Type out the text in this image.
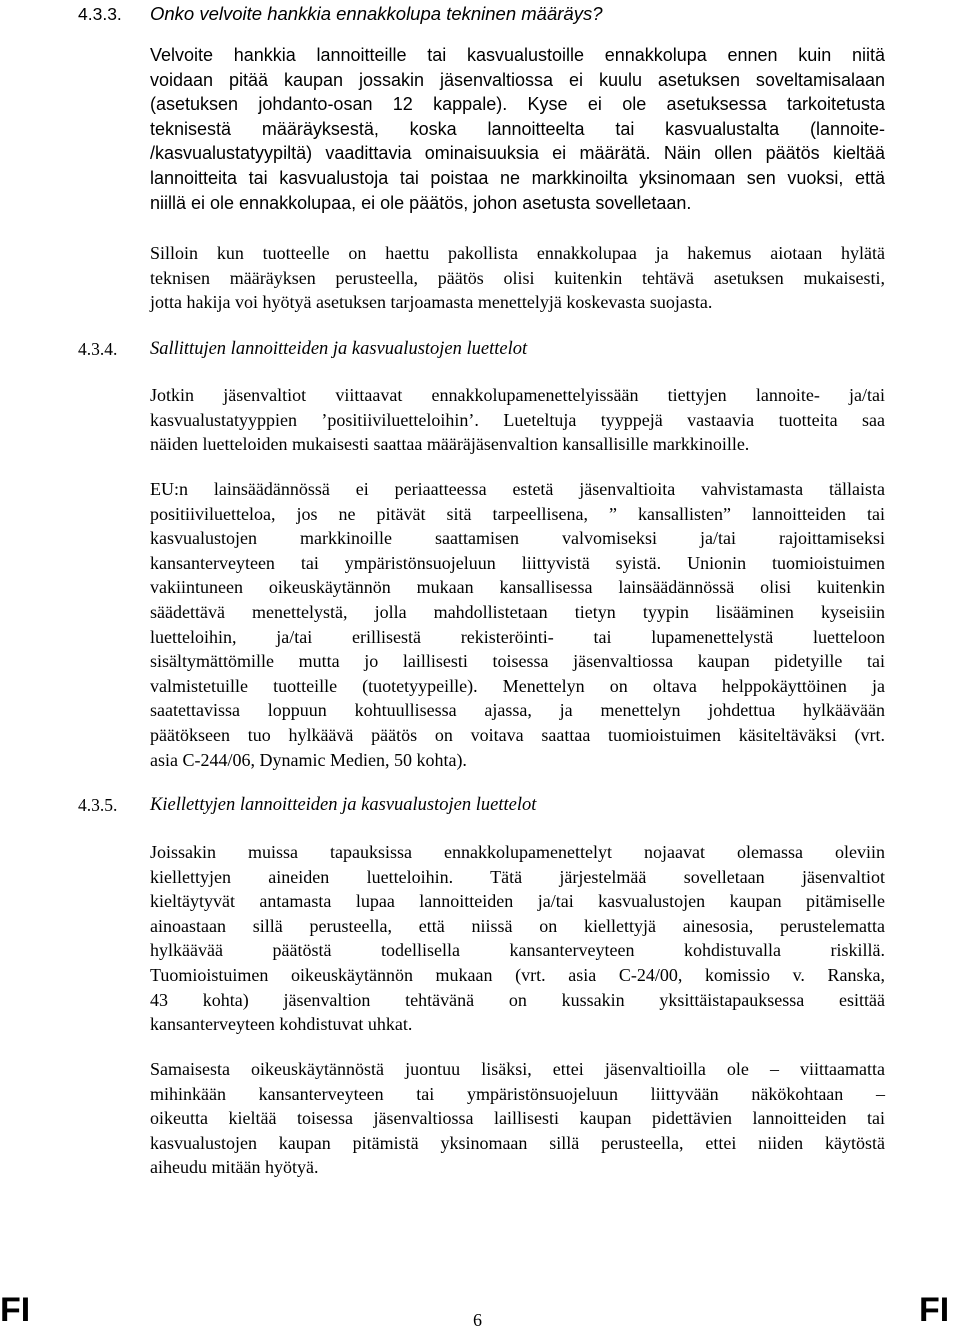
4.3.3. Onko velvoite hankkia ennakkolupa tekninen määräys?

Velvoite hankkia lannoitteille tai kasvualustoille ennakkolupa ennen kuin niitä
voidaan pitää kaupan jossakin jäsenvaltiossa ei kuulu asetuksen soveltamisalaan
(asetuksen johdanto-osan 12 kappale). Kyse ei ole asetuksessa tarkoitetusta
teknisestä määräyksestä, koska lannoitteelta tai kasvualustalta (lannoite-
/kasvualustatyypiltä) vaadittavia ominaisuuksia ei määrätä. Näin ollen päätös kieltää
lannoitteita tai kasvualustoja tai poistaa ne markkinoilta yksinomaan sen vuoksi, että
niillä ei ole ennakkolupaa, ei ole päätös, johon asetusta sovelletaan.

Silloin kun tuotteelle on haettu pakollista ennakkolupaa ja hakemus aiotaan hylätä
teknisen määräyksen perusteella, päätös olisi kuitenkin tehtävä asetuksen mukaisesti,
jotta hakija voi hyötyä asetuksen tarjoamasta menettelyjä koskevasta suojasta.

4.3.4. Sallittujen lannoitteiden ja kasvualustojen luettelot

Jotkin jäsenvaltiot viittaavat ennakkolupamenettelyissään tiettyjen lannoite- ja/tai
kasvualustatyyppien ’positiiviluetteloihin’. Lueteltuja tyyppejä vastaavia tuotteita saa
näiden luetteloiden mukaisesti saattaa määräjäsenvaltion kansallisille markkinoille.

EU:n lainsäädännössä ei periaatteessa estetä jäsenvaltioita vahvistamasta tällaista
positiiviluetteloa, jos ne pitävät sitä tarpeellisena, ” kansallisten” lannoitteiden tai
kasvualustojen markkinoille saattamisen valvomiseksi ja/tai rajoittamiseksi
kansanterveyteen tai ympäristönsuojeluun liittyvistä syistä. Unionin tuomioistuimen
vakiintuneen oikeuskäytännön mukaan kansallisessa lainsäädännössä olisi kuitenkin
säädettävä menettelystä, jolla mahdollistetaan tietyn tyypin lisääminen kyseisiin
luetteloihin, ja/tai erillisestä rekisteröinti- tai lupamenettelystä luetteloon
sisältymättömille mutta jo laillisesti toisessa jäsenvaltiossa kaupan pidetyille tai
valmistetuille tuotteille (tuotetyypeille). Menettelyn on oltava helppokäyttöinen ja
saatettavissa loppuun kohtuullisessa ajassa, ja menettelyn johdettua hylkäävään
päätökseen tuo hylkäävä päätös on voitava saattaa tuomioistuimen käsiteltäväksi (vrt.
asia C-244/06, Dynamic Medien, 50 kohta).

4.3.5. Kiellettyjen lannoitteiden ja kasvualustojen luettelot

Joissakin muissa tapauksissa ennakkolupamenettelyt nojaavat olemassa oleviin
kiellettyjen aineiden luetteloihin. Tätä järjestelmää sovelletaan jäsenvaltiot
kieltäytyvät antamasta lupaa lannoitteiden ja/tai kasvualustojen kaupan pitämiselle
ainoastaan sillä perusteella, että niissä on kiellettyjä ainesosia, perustelematta
hylkäävää päätöstä todellisella kansanterveyteen kohdistuvalla riskillä.
Tuomioistuimen oikeuskäytännön mukaan (vrt. asia C-24/00, komissio v. Ranska,
43 kohta) jäsenvaltion tehtävänä on kussakin yksittäistapauksessa esittää
kansanterveyteen kohdistuvat uhkat.

Samaisesta oikeuskäytännöstä juontuu lisäksi, ettei jäsenvaltioilla ole – viittaamatta
mihinkään kansanterveyteen tai ympäristönsuojeluun liittyvään näkökohtaan –
oikeutta kieltää toisessa jäsenvaltiossa laillisesti kaupan pidettävien lannoitteiden tai
kasvualustojen kaupan pitämistä yksinomaan sillä perusteella, ettei niiden käytöstä
aiheudu mitään hyötyä.

FI	6	FI
